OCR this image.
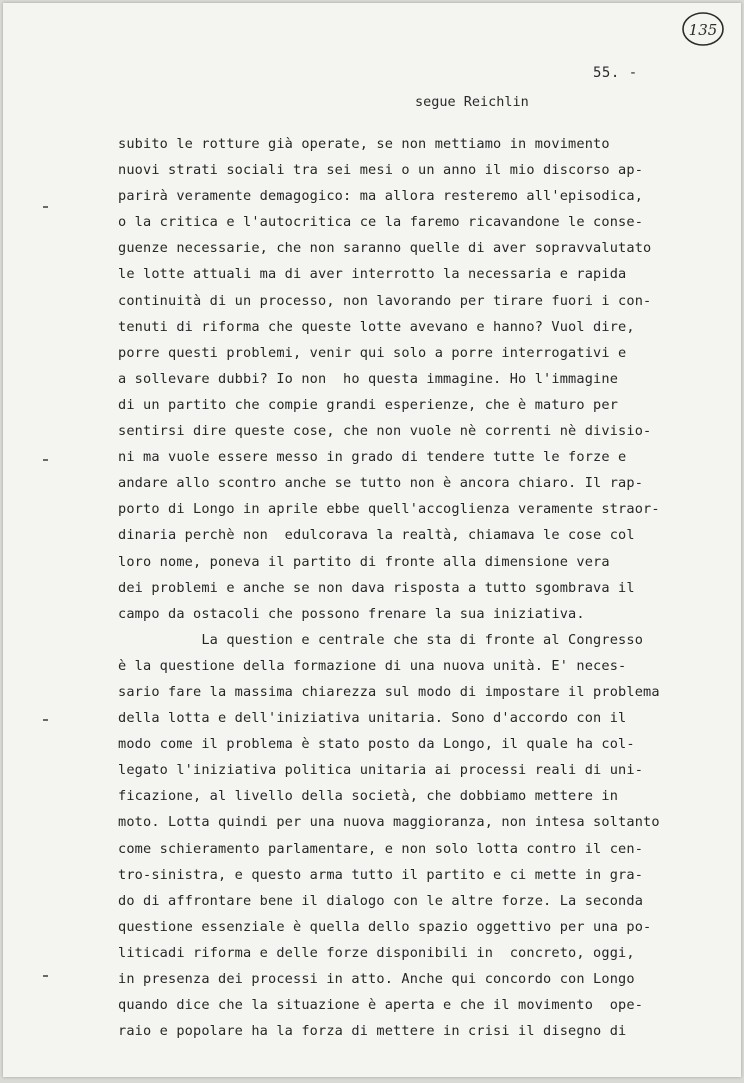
135
55. -
segue Reichlin
subito le rotture già operate, se non mettiamo in movimento
nuovi strati sociali tra sei mesi o un anno il mio discorso ap-
parirà veramente demagogico: ma allora resteremo all'episodica,
o la critica e l'autocritica ce la faremo ricavandone le conse-
guenze necessarie, che non saranno quelle di aver sopravvalutato
le lotte attuali ma di aver interrotto la necessaria e rapida
continuità di un processo, non lavorando per tirare fuori i con-
tenuti di riforma che queste lotte avevano e hanno? Vuol dire,
porre questi problemi, venir qui solo a porre interrogativi e
a sollevare dubbi? Io non  ho questa immagine. Ho l'immagine
di un partito che compie grandi esperienze, che è maturo per
sentirsi dire queste cose, che non vuole nè correnti nè divisio-
ni ma vuole essere messo in grado di tendere tutte le forze e
andare allo scontro anche se tutto non è ancora chiaro. Il rap-
porto di Longo in aprile ebbe quell'accoglienza veramente straor-
dinaria perchè non  edulcorava la realtà, chiamava le cose col
loro nome, poneva il partito di fronte alla dimensione vera
dei problemi e anche se non dava risposta a tutto sgombrava il
campo da ostacoli che possono frenare la sua iniziativa.
La question e centrale che sta di fronte al Congresso
è la questione della formazione di una nuova unità. E' neces-
sario fare la massima chiarezza sul modo di impostare il problema
della lotta e dell'iniziativa unitaria. Sono d'accordo con il
modo come il problema è stato posto da Longo, il quale ha col-
legato l'iniziativa politica unitaria ai processi reali di uni-
ficazione, al livello della società, che dobbiamo mettere in
moto. Lotta quindi per una nuova maggioranza, non intesa soltanto
come schieramento parlamentare, e non solo lotta contro il cen-
tro-sinistra, e questo arma tutto il partito e ci mette in gra-
do di affrontare bene il dialogo con le altre forze. La seconda
questione essenziale è quella dello spazio oggettivo per una po-
liticadi riforma e delle forze disponibili in  concreto, oggi,
in presenza dei processi in atto. Anche qui concordo con Longo
quando dice che la situazione è aperta e che il movimento  ope-
raio e popolare ha la forza di mettere in crisi il disegno di
